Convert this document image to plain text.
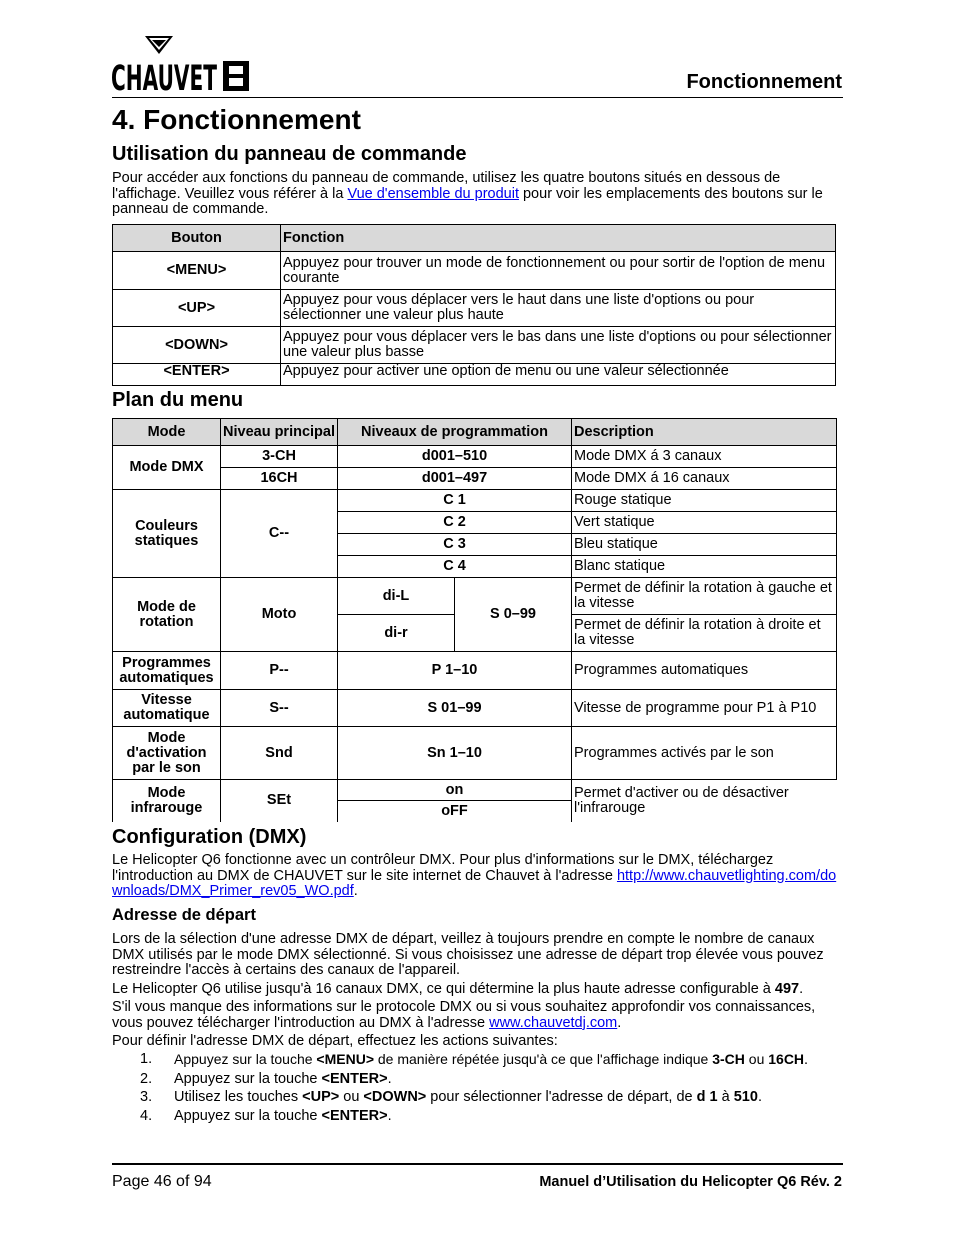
CHAUVET	Fonctionnement
4. Fonctionnement
Utilisation du panneau de commande

Pour accéder aux fonctions du panneau de commande, utilisez les quatre boutons situés en dessous de l'affichage. Veuillez vous référer à la Vue d'ensemble du produit pour voir les emplacements des boutons sur le panneau de commande.

Bouton	Fonction
<MENU>	Appuyez pour trouver un mode de fonctionnement ou pour sortir de l'option de menu courante
<UP>	Appuyez pour vous déplacer vers le haut dans une liste d'options ou pour sélectionner une valeur plus haute
<DOWN>	Appuyez pour vous déplacer vers le bas dans une liste d'options ou pour sélectionner une valeur plus basse
<ENTER>	Appuyez pour activer une option de menu ou une valeur sélectionnée
Plan du menu
Mode	Niveau principal	Niveaux de programmation		Description
Mode DMX	3-CH	d001–510		Mode DMX á 3 canaux
	16CH	d001–497		Mode DMX á 16 canaux
Couleurs statiques	C--	C 1		Rouge statique
		C 2		Vert statique
		C 3		Bleu statique
		C 4		Blanc statique
Mode de rotation	Moto	di-L	S 0–99	Permet de définir la rotation à gauche et la vitesse
		di-r		Permet de définir la rotation à droite et la vitesse
Programmes automatiques	P--	P 1–10		Programmes automatiques
Vitesse automatique	S--	S 01–99		Vitesse de programme pour P1 à P10
Mode d'activation par le son	Snd	Sn 1–10		Programmes activés par le son
Mode infrarouge	SEt	on		Permet d'activer ou de désactiver l'infrarouge
		oFF		
Configuration (DMX)

Le Helicopter Q6 fonctionne avec un contrôleur DMX. Pour plus d'informations sur le DMX, téléchargez l'introduction au DMX de CHAUVET sur le site internet de Chauvet à l'adresse http://www.chauvetlighting.com/downloads/DMX_Primer_rev05_WO.pdf.

Adresse de départ

Lors de la sélection d'une adresse DMX de départ, veillez à toujours prendre en compte le nombre de canaux DMX utilisés par le mode DMX sélectionné. Si vous choisissez une adresse de départ trop élevée vous pouvez restreindre l'accès à certains des canaux de l'appareil.

Le Helicopter Q6 utilise jusqu'à 16 canaux DMX, ce qui détermine la plus haute adresse configurable à 497.

S'il vous manque des informations sur le protocole DMX ou si vous souhaitez approfondir vos connaissances, vous pouvez télécharger l'introduction au DMX à l'adresse www.chauvetdj.com.

Pour définir l'adresse DMX de départ, effectuez les actions suivantes:

1. Appuyez sur la touche <MENU> de manière répétée jusqu'à ce que l'affichage indique 3-CH ou 16CH.
2. Appuyez sur la touche <ENTER>.
3. Utilisez les touches <UP> ou <DOWN> pour sélectionner l'adresse de départ, de d 1 à 510.
4. Appuyez sur la touche <ENTER>.
Page 46 of 94	Manuel d’Utilisation du Helicopter Q6 Rév. 2
